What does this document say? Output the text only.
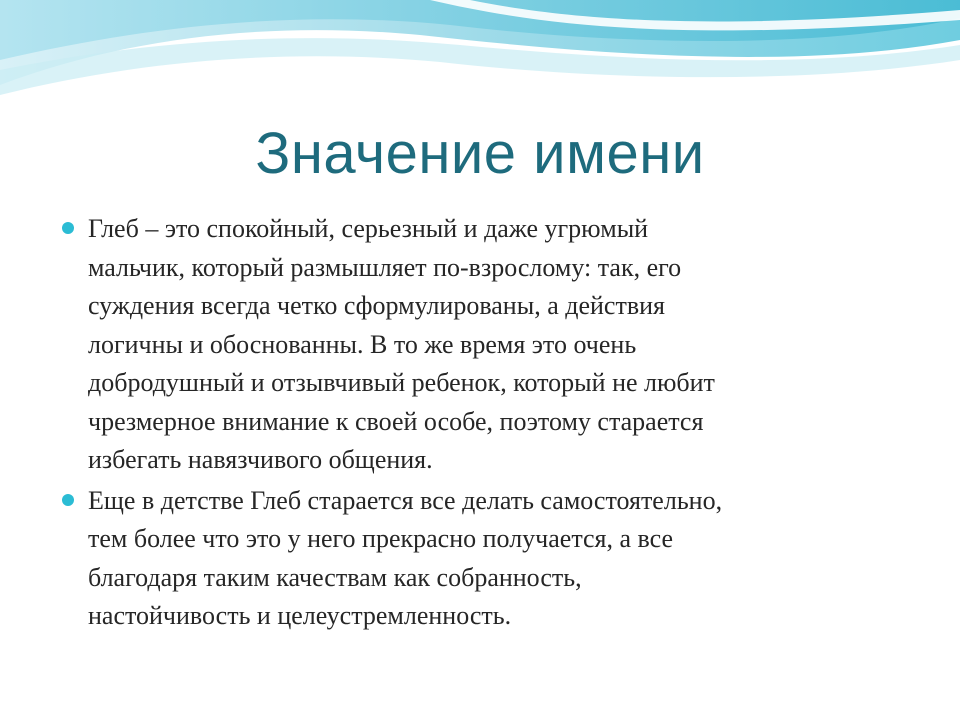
Значение имени
Глеб – это спокойный, серьезный и даже угрюмый
мальчик, который размышляет по-взрослому: так, его
суждения всегда четко сформулированы, а действия
логичны и обоснованны. В то же время это очень
добродушный и отзывчивый ребенок, который не любит
чрезмерное внимание к своей особе, поэтому старается
избегать навязчивого общения.
Еще в детстве Глеб старается все делать самостоятельно,
тем более что это у него прекрасно получается, а все
благодаря таким качествам как собранность,
настойчивость и целеустремленность.
